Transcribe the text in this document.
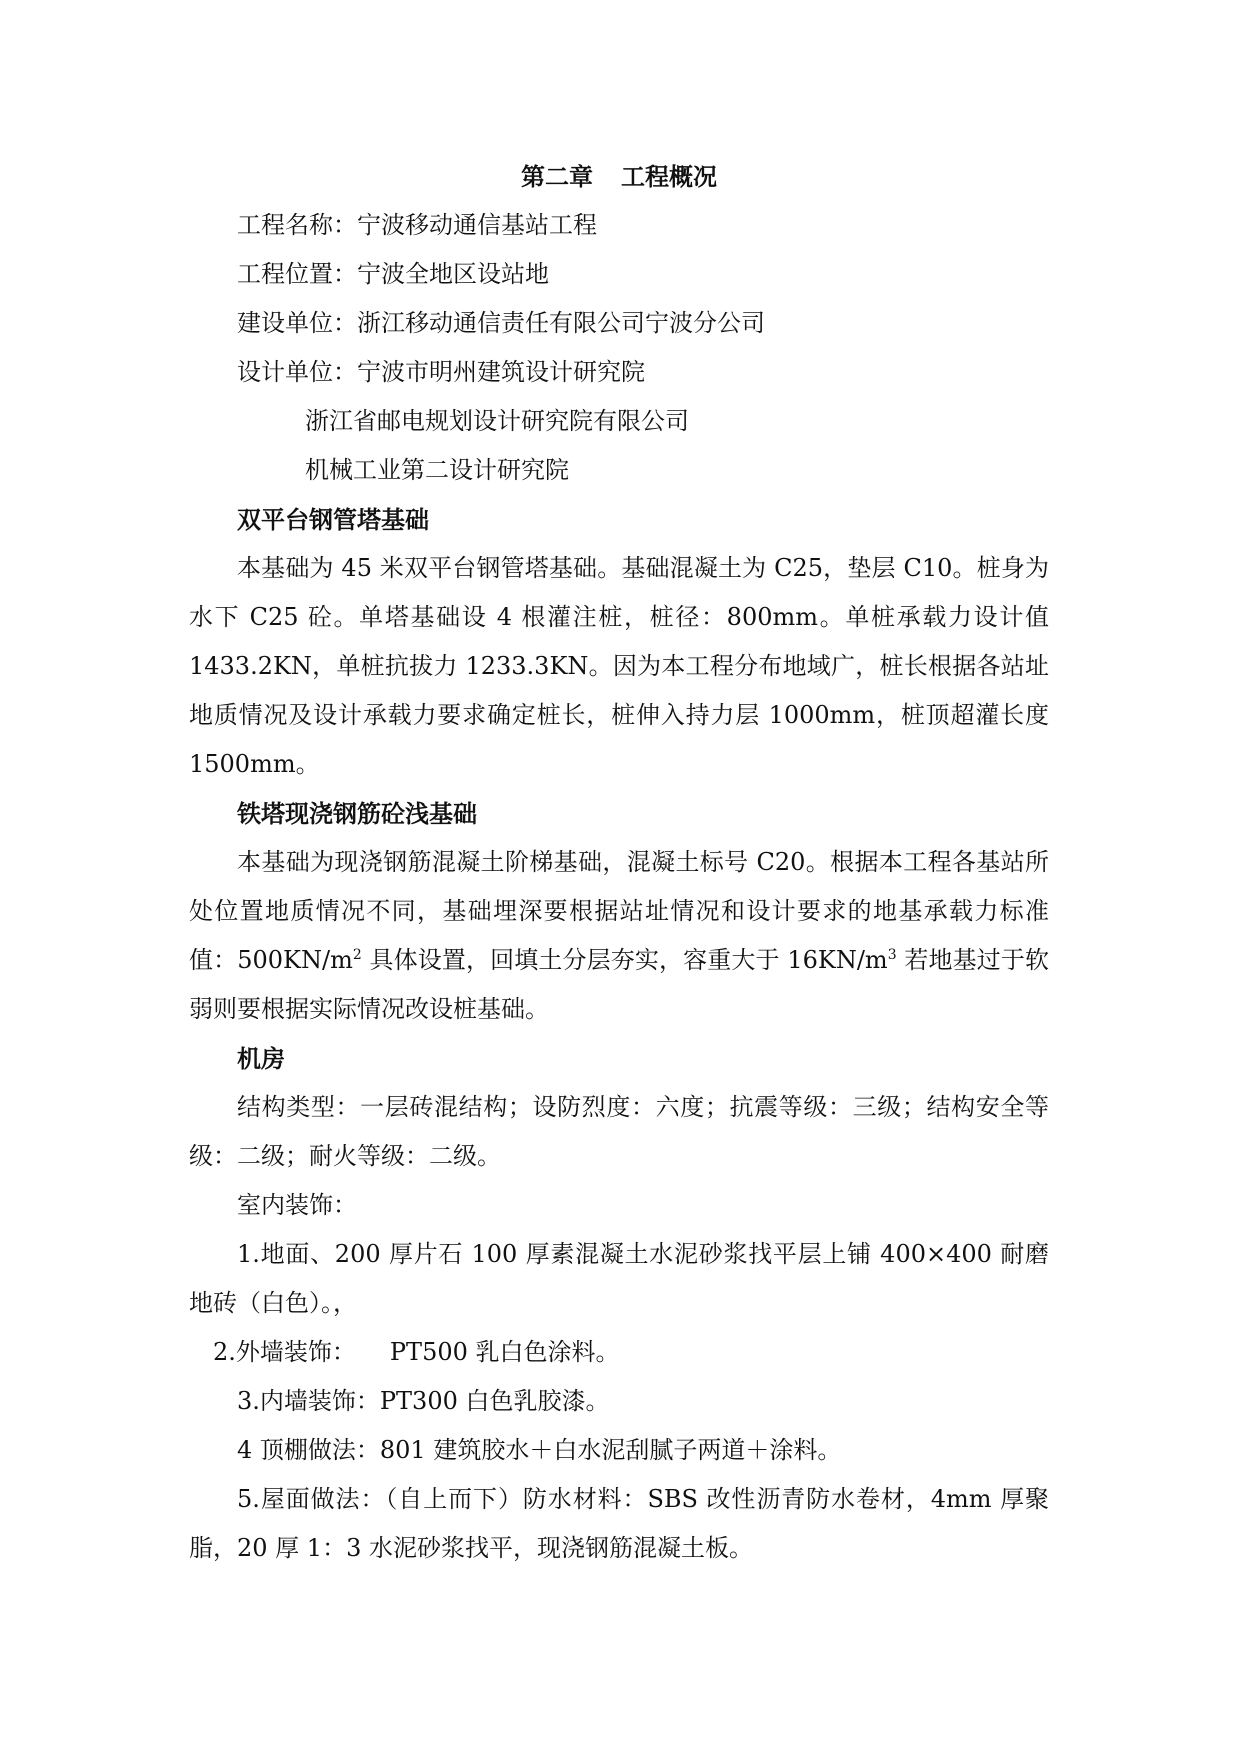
第二章 工程概况

工程名称：宁波移动通信基站工程

工程位置：宁波全地区设站地

建设单位：浙江移动通信责任有限公司宁波分公司

设计单位：宁波市明州建筑设计研究院

浙江省邮电规划设计研究院有限公司

机械工业第二设计研究院

双平台钢管塔基础

本基础为 45 米双平台钢管塔基础。基础混凝土为 C25，垫层 C10。桩身为水下 C25 砼。单塔基础设 4 根灌注桩，桩径：800mm。单桩承载力设计值 1433.2KN，单桩抗拔力 1233.3KN。因为本工程分布地域广，桩长根据各站址地质情况及设计承载力要求确定桩长，桩伸入持力层 1000mm，桩顶超灌长度 1500mm。

铁塔现浇钢筋砼浅基础

本基础为现浇钢筋混凝土阶梯基础，混凝土标号 C20。根据本工程各基站所处位置地质情况不同，基础埋深要根据站址情况和设计要求的地基承载力标准值：$500KN/m^2$ 具体设置，回填土分层夯实，容重大于 $16KN/m^3$ 若地基过于软弱则要根据实际情况改设桩基础。

机房

结构类型：一层砖混结构；设防烈度：六度；抗震等级：三级；结构安全等级：二级；耐火等级：二级。

室内装饰：

1.地面、200 厚片石 100 厚素混凝土水泥砂浆找平层上铺 400×400 耐磨地砖（白色）。，

2.外墙装饰： PT500 乳白色涂料。

3.内墙装饰：PT300 白色乳胶漆。

4 顶棚做法：801 建筑胶水＋白水泥刮腻子两道＋涂料。

5.屋面做法：（自上而下）防水材料：SBS 改性沥青防水卷材，4mm 厚聚脂，20 厚 1：3 水泥砂浆找平，现浇钢筋混凝土板。
